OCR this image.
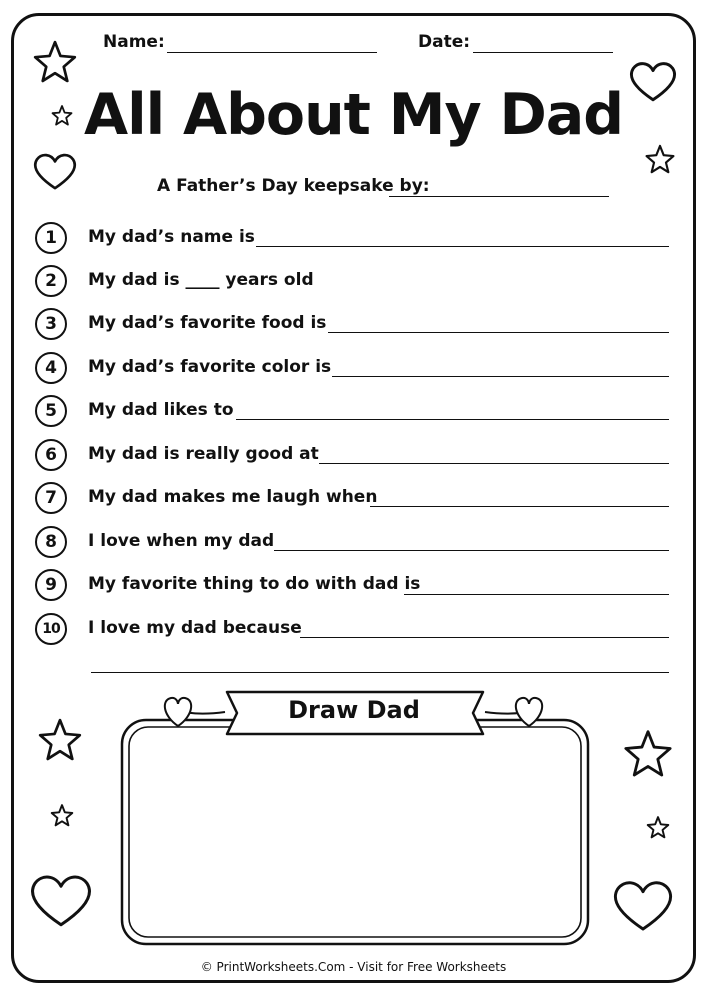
Name:	Date:
All About My Dad
A Father’s Day keepsake by:
1	My dad’s name is
2	My dad is ____ years old
3	My dad’s favorite food is
4	My dad’s favorite color is
5	My dad likes to
6	My dad is really good at
7	My dad makes me laugh when
8	I love when my dad
9	My favorite thing to do with dad is
10	I love my dad because
Draw Dad
© PrintWorksheets.Com - Visit for Free Worksheets
